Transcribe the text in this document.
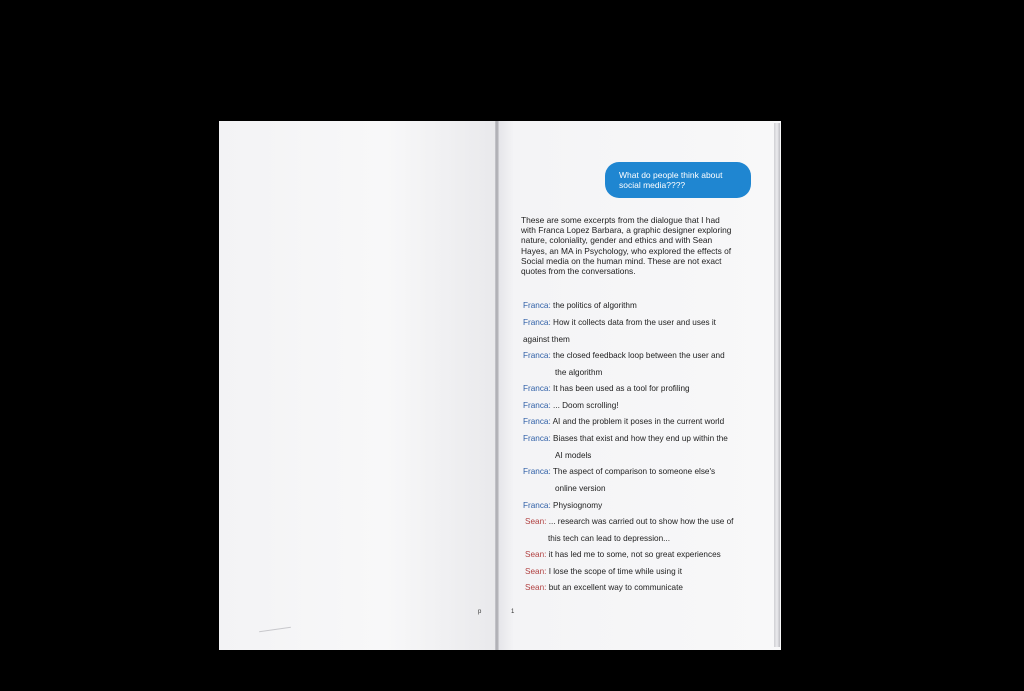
p	1
What do people think about
social media????
These are some excerpts from the dialogue that I had
with Franca Lopez Barbara, a graphic designer exploring
nature, coloniality, gender and ethics and with Sean
Hayes, an MA in Psychology, who explored the effects of
Social media on the human mind. These are not exact
quotes from the conversations.
Franca: the politics of algorithm
Franca: How it collects data from the user and uses it
against them
Franca: the closed feedback loop between the user and
the algorithm
Franca: It has been used as a tool for profiling
Franca: ... Doom scrolling!
Franca: AI and the problem it poses in the current world
Franca: Biases that exist and how they end up within the
AI models
Franca: The aspect of comparison to someone else's
online version
Franca: Physiognomy
Sean: ... research was carried out to show how the use of
this tech can lead to depression...
Sean: it has led me to some, not so great experiences
Sean: I lose the scope of time while using it
Sean: but an excellent way to communicate
